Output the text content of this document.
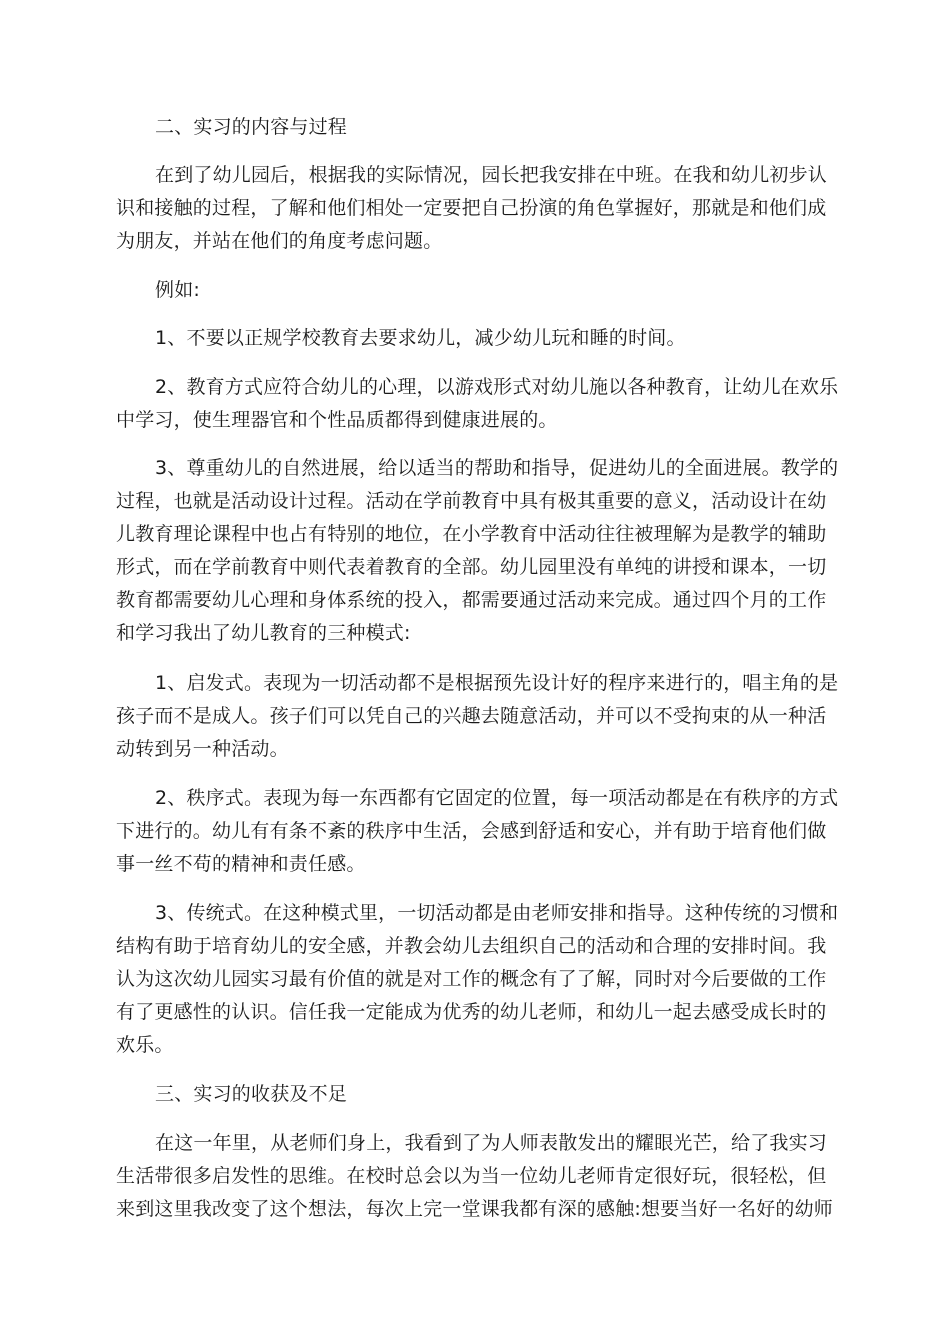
二、实习的内容与过程

在到了幼儿园后，根据我的实际情况，园长把我安排在中班。在我和幼儿初步认

识和接触的过程，了解和他们相处一定要把自己扮演的角色掌握好，那就是和他们成

为朋友，并站在他们的角度考虑问题。

例如:

1、不要以正规学校教育去要求幼儿，减少幼儿玩和睡的时间。

2、教育方式应符合幼儿的心理，以游戏形式对幼儿施以各种教育，让幼儿在欢乐

中学习，使生理器官和个性品质都得到健康进展的。

3、尊重幼儿的自然进展，给以适当的帮助和指导，促进幼儿的全面进展。教学的

过程，也就是活动设计过程。活动在学前教育中具有极其重要的意义，活动设计在幼

儿教育理论课程中也占有特别的地位，在小学教育中活动往往被理解为是教学的辅助

形式，而在学前教育中则代表着教育的全部。幼儿园里没有单纯的讲授和课本，一切

教育都需要幼儿心理和身体系统的投入，都需要通过活动来完成。通过四个月的工作

和学习我出了幼儿教育的三种模式:

1、启发式。表现为一切活动都不是根据预先设计好的程序来进行的，唱主角的是

孩子而不是成人。孩子们可以凭自己的兴趣去随意活动，并可以不受拘束的从一种活

动转到另一种活动。

2、秩序式。表现为每一东西都有它固定的位置，每一项活动都是在有秩序的方式

下进行的。幼儿有有条不紊的秩序中生活，会感到舒适和安心，并有助于培育他们做

事一丝不苟的精神和责任感。

3、传统式。在这种模式里，一切活动都是由老师安排和指导。这种传统的习惯和

结构有助于培育幼儿的安全感，并教会幼儿去组织自己的活动和合理的安排时间。我

认为这次幼儿园实习最有价值的就是对工作的概念有了了解，同时对今后要做的工作

有了更感性的认识。信任我一定能成为优秀的幼儿老师，和幼儿一起去感受成长时的

欢乐。

三、实习的收获及不足

在这一年里，从老师们身上，我看到了为人师表散发出的耀眼光芒，给了我实习

生活带很多启发性的思维。在校时总会以为当一位幼儿老师肯定很好玩，很轻松，但

来到这里我改变了这个想法，每次上完一堂课我都有深的感触:想要当好一名好的幼师
